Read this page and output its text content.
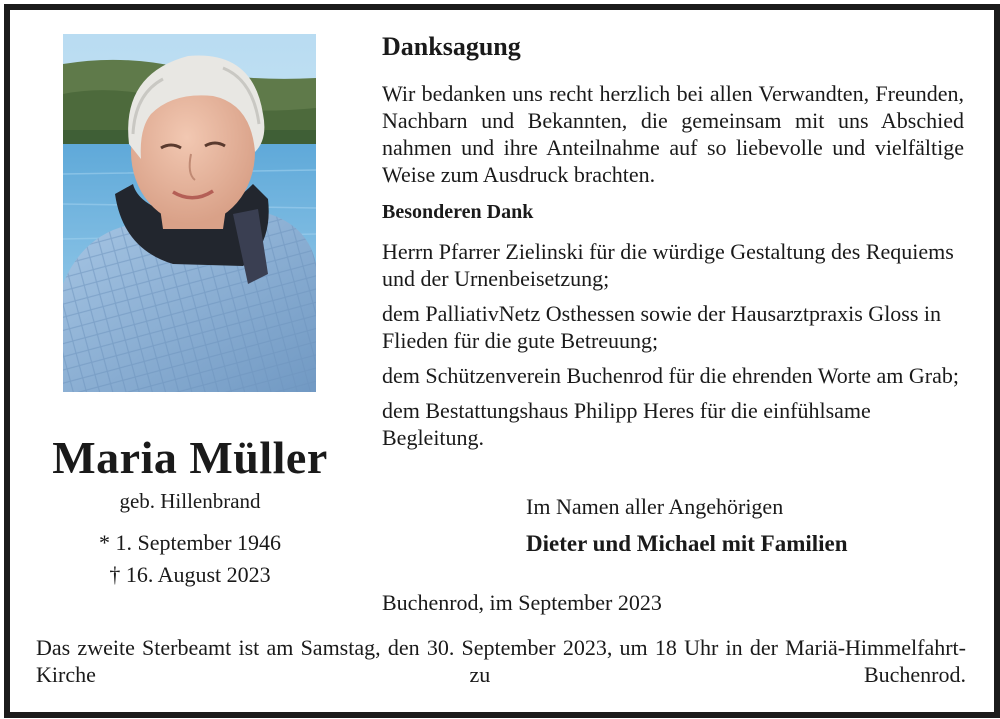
Maria Müller
geb. Hillenbrand
* 1. September 1946
† 16. August 2023
Danksagung
Wir bedanken uns recht herzlich bei allen Verwandten, Freunden, Nachbarn und Bekannten, die gemeinsam mit uns Abschied nahmen und ihre Anteilnahme auf so liebevolle und vielfältige Weise zum Ausdruck brachten.
Besonderen Dank
Herrn Pfarrer Zielinski für die würdige Gestaltung des Requiems und der Urnenbeisetzung;
dem PalliativNetz Osthessen sowie der Hausarztpraxis Gloss in Flieden für die gute Betreuung;
dem Schützenverein Buchenrod für die ehrenden Worte am Grab;
dem Bestattungshaus Philipp Heres für die einfühlsame Begleitung.
Im Namen aller Angehörigen
Dieter und Michael mit Familien
Buchenrod, im September 2023
Das zweite Sterbeamt ist am Samstag, den 30. September 2023, um 18 Uhr in der Mariä-Himmelfahrt-Kirche zu Buchenrod.
